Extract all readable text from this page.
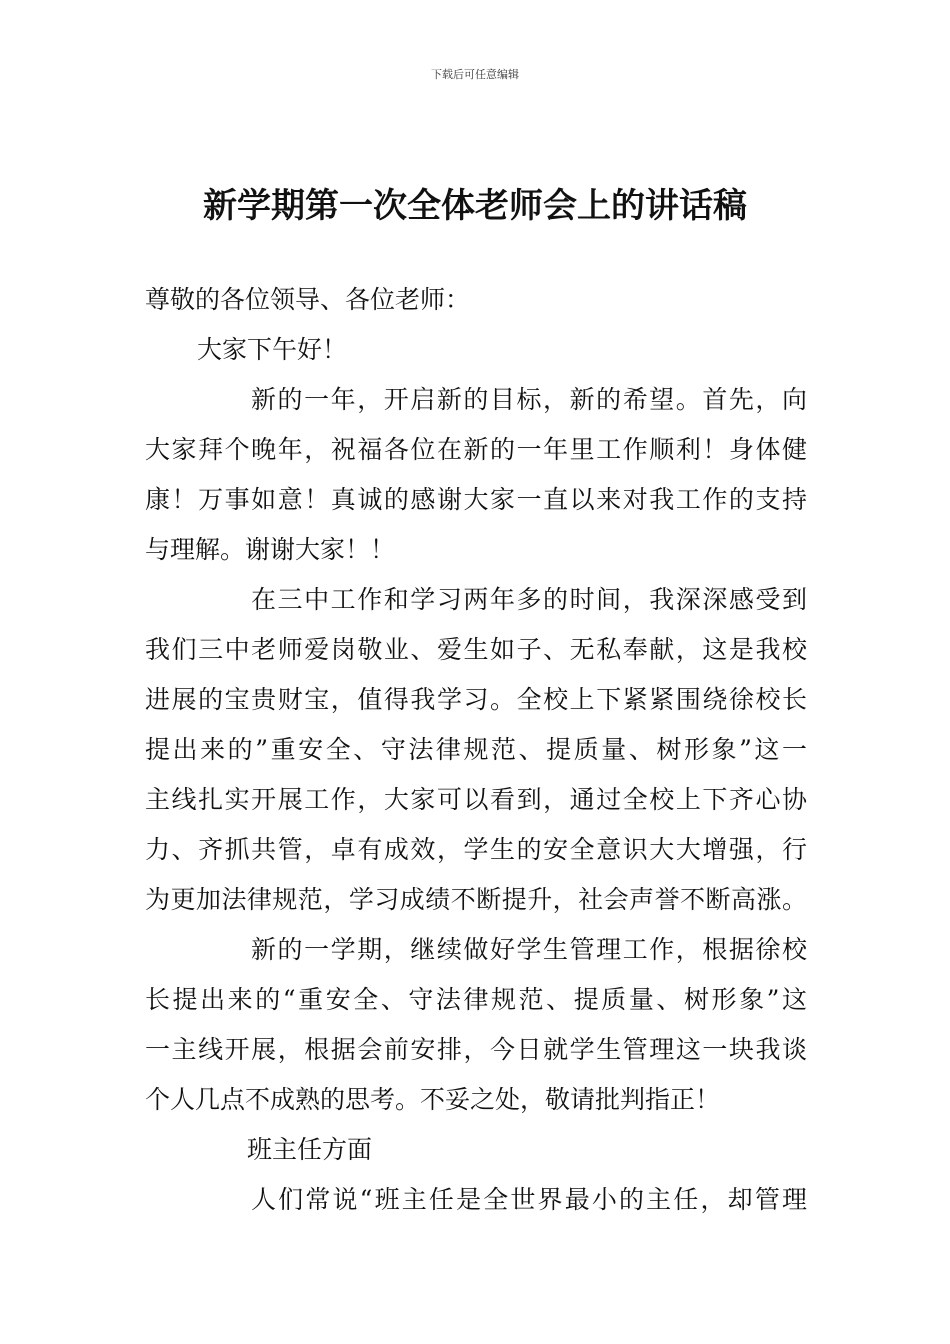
下载后可任意编辑
新学期第一次全体老师会上的讲话稿
尊敬的各位领导、各位老师：
大家下午好！
新的一年，开启新的目标，新的希望。首先，向
大家拜个晚年，祝福各位在新的一年里工作顺利！身体健
康！万事如意！真诚的感谢大家一直以来对我工作的支持
与理解。谢谢大家！！
在三中工作和学习两年多的时间，我深深感受到
我们三中老师爱岗敬业、爱生如子、无私奉献，这是我校
进展的宝贵财宝，值得我学习。全校上下紧紧围绕徐校长
提出来的”重安全、守法律规范、提质量、树形象”这一
主线扎实开展工作，大家可以看到，通过全校上下齐心协
力、齐抓共管，卓有成效，学生的安全意识大大增强，行
为更加法律规范，学习成绩不断提升，社会声誉不断高涨。
新的一学期，继续做好学生管理工作，根据徐校
长提出来的“重安全、守法律规范、提质量、树形象”这
一主线开展，根据会前安排，今日就学生管理这一块我谈
个人几点不成熟的思考。不妥之处，敬请批判指正！
班主任方面
人们常说“班主任是全世界最小的主任，却管理
